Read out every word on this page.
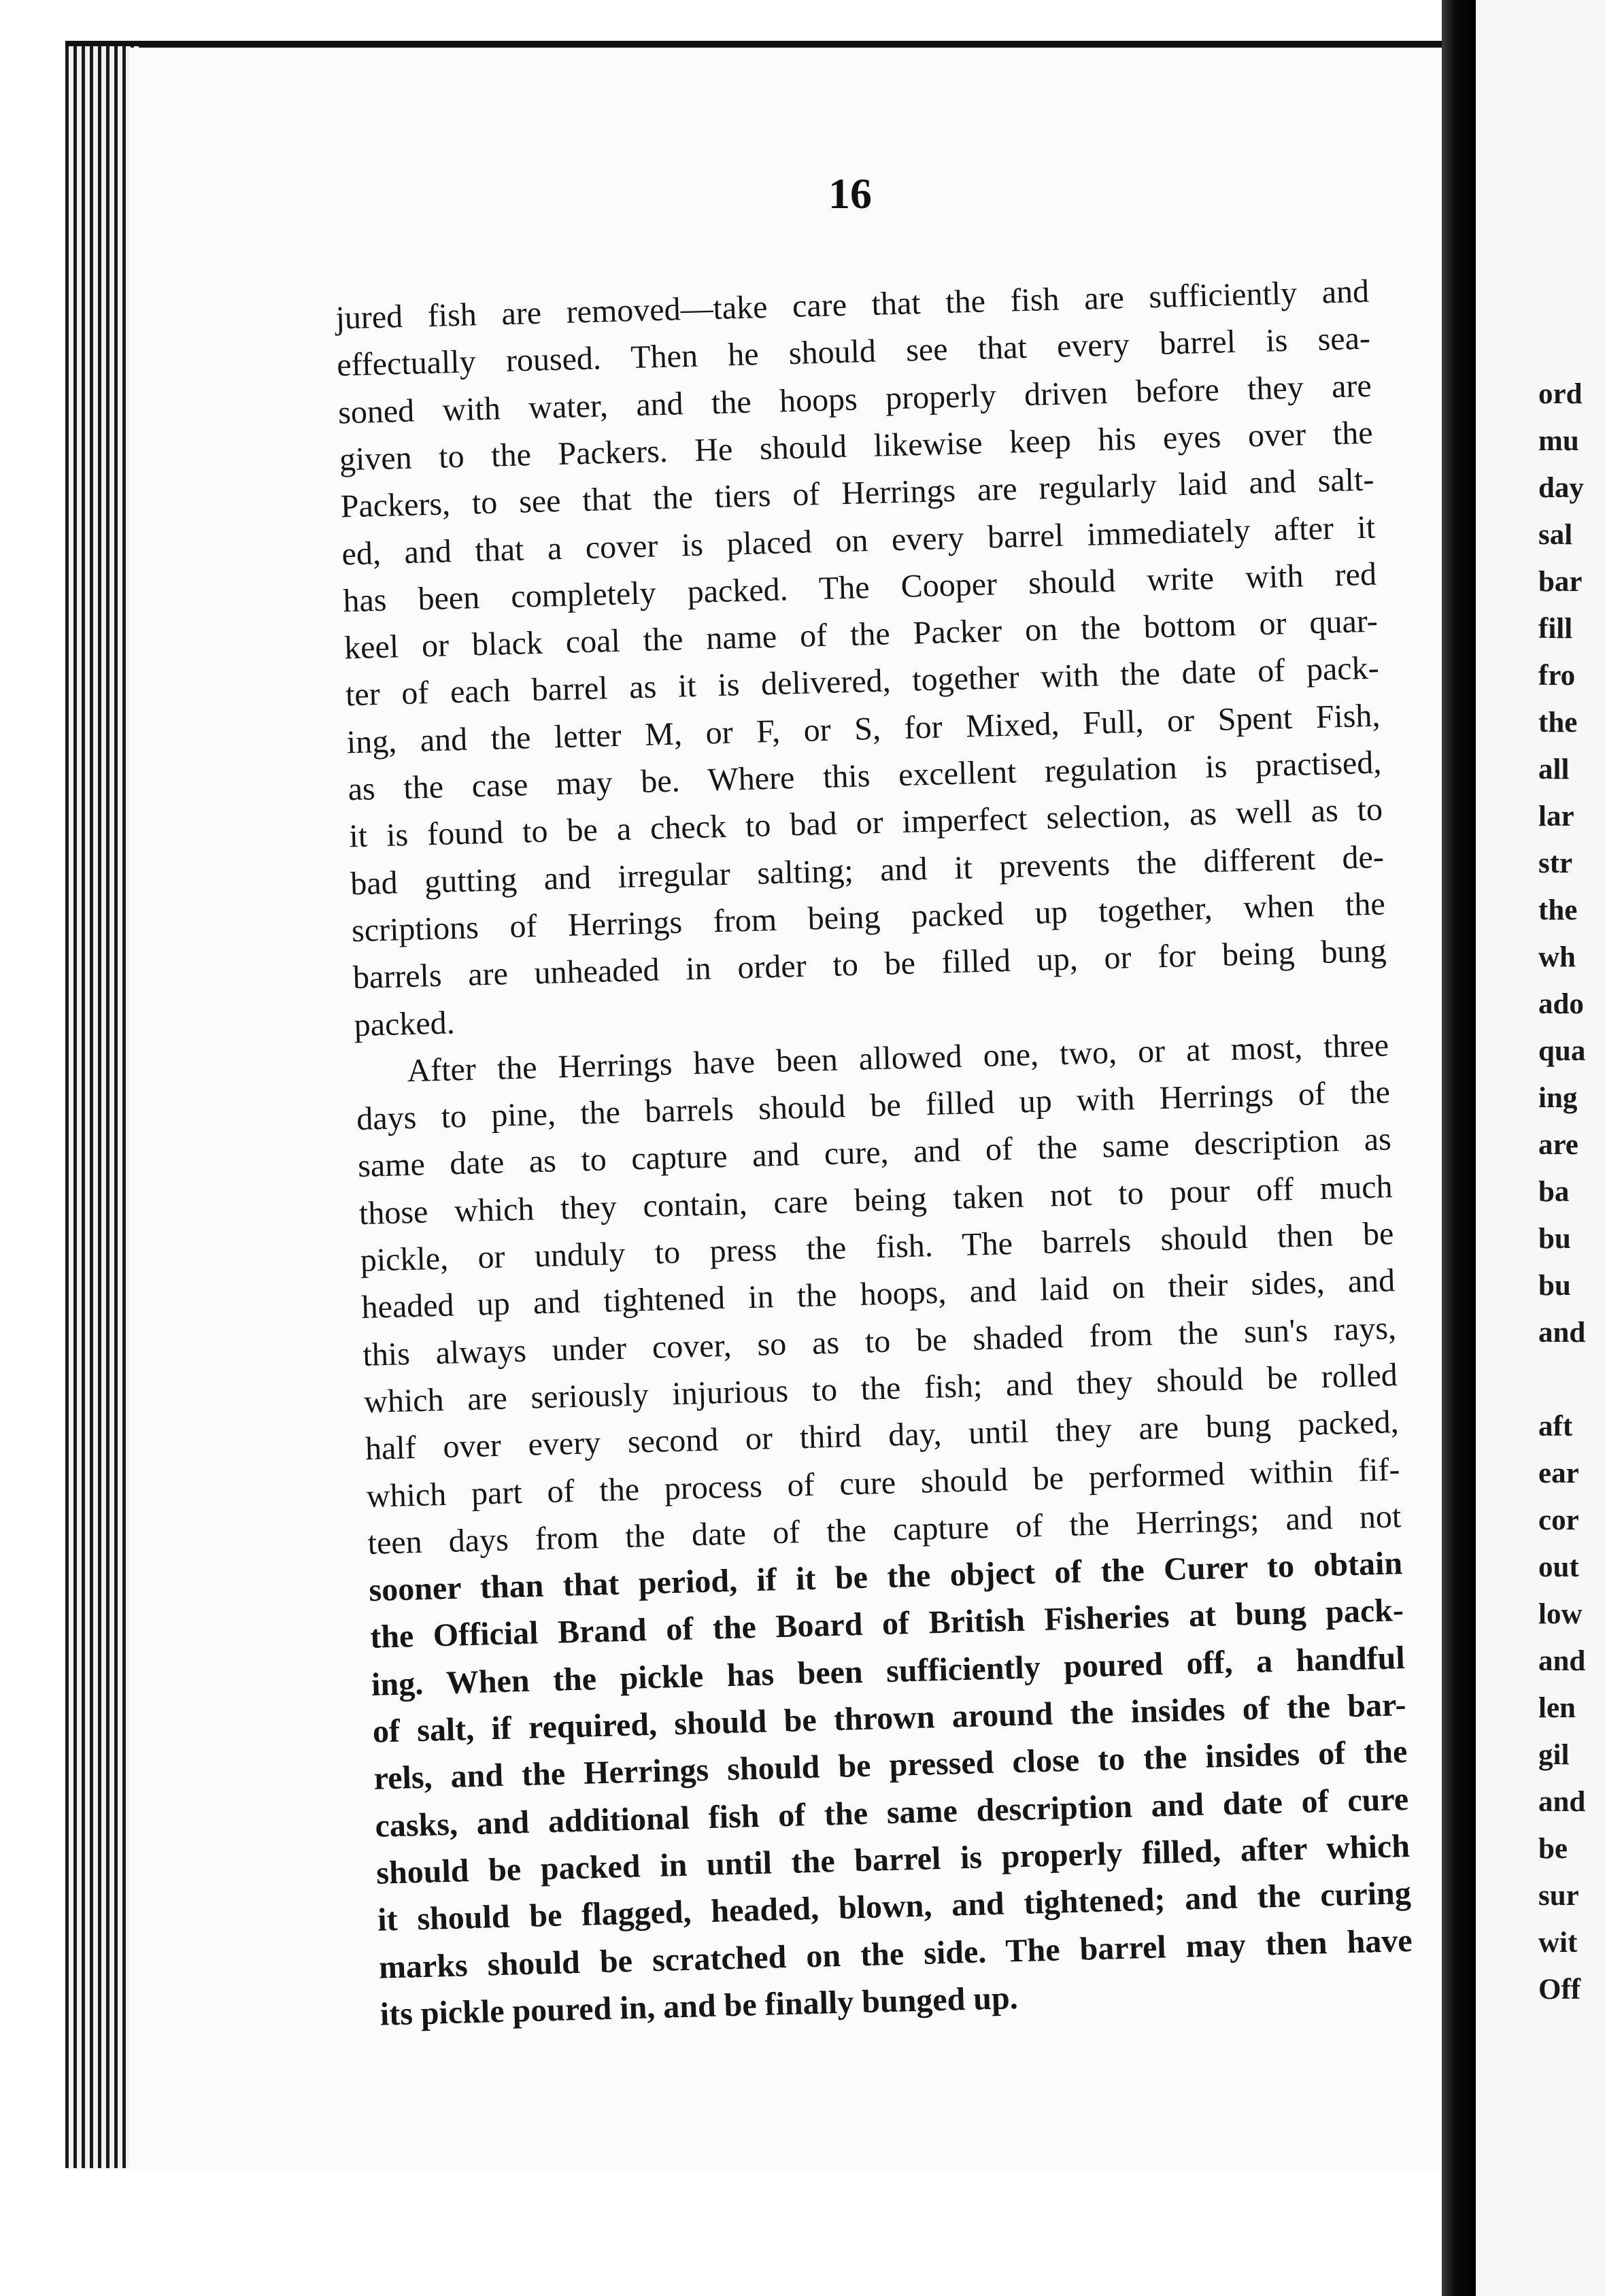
ord
mu
day
sal
bar
fill
fro
the
all
lar
str
the
wh
ado
qua
ing
are
ba
bu
bu
and
aft
ear
cor
out
low
and
len
gil
and
be
sur
wit
Off
16
jured fish are removed—take care that the fish are sufficiently and
effectually roused. Then he should see that every barrel is sea-
soned with water, and the hoops properly driven before they are
given to the Packers. He should likewise keep his eyes over the
Packers, to see that the tiers of Herrings are regularly laid and salt-
ed, and that a cover is placed on every barrel immediately after it
has been completely packed. The Cooper should write with red
keel or black coal the name of the Packer on the bottom or quar-
ter of each barrel as it is delivered, together with the date of pack-
ing, and the letter M, or F, or S, for Mixed, Full, or Spent Fish,
as the case may be. Where this excellent regulation is practised,
it is found to be a check to bad or imperfect selection, as well as to
bad gutting and irregular salting; and it prevents the different de-
scriptions of Herrings from being packed up together, when the
barrels are unheaded in order to be filled up, or for being bung
packed.
After the Herrings have been allowed one, two, or at most, three
days to pine, the barrels should be filled up with Herrings of the
same date as to capture and cure, and of the same description as
those which they contain, care being taken not to pour off much
pickle, or unduly to press the fish. The barrels should then be
headed up and tightened in the hoops, and laid on their sides, and
this always under cover, so as to be shaded from the sun's rays,
which are seriously injurious to the fish; and they should be rolled
half over every second or third day, until they are bung packed,
which part of the process of cure should be performed within fif-
teen days from the date of the capture of the Herrings; and not
sooner than that period, if it be the object of the Curer to obtain
the Official Brand of the Board of British Fisheries at bung pack-
ing. When the pickle has been sufficiently poured off, a handful
of salt, if required, should be thrown around the insides of the bar-
rels, and the Herrings should be pressed close to the insides of the
casks, and additional fish of the same description and date of cure
should be packed in until the barrel is properly filled, after which
it should be flagged, headed, blown, and tightened; and the curing
marks should be scratched on the side. The barrel may then have
its pickle poured in, and be finally bunged up.
